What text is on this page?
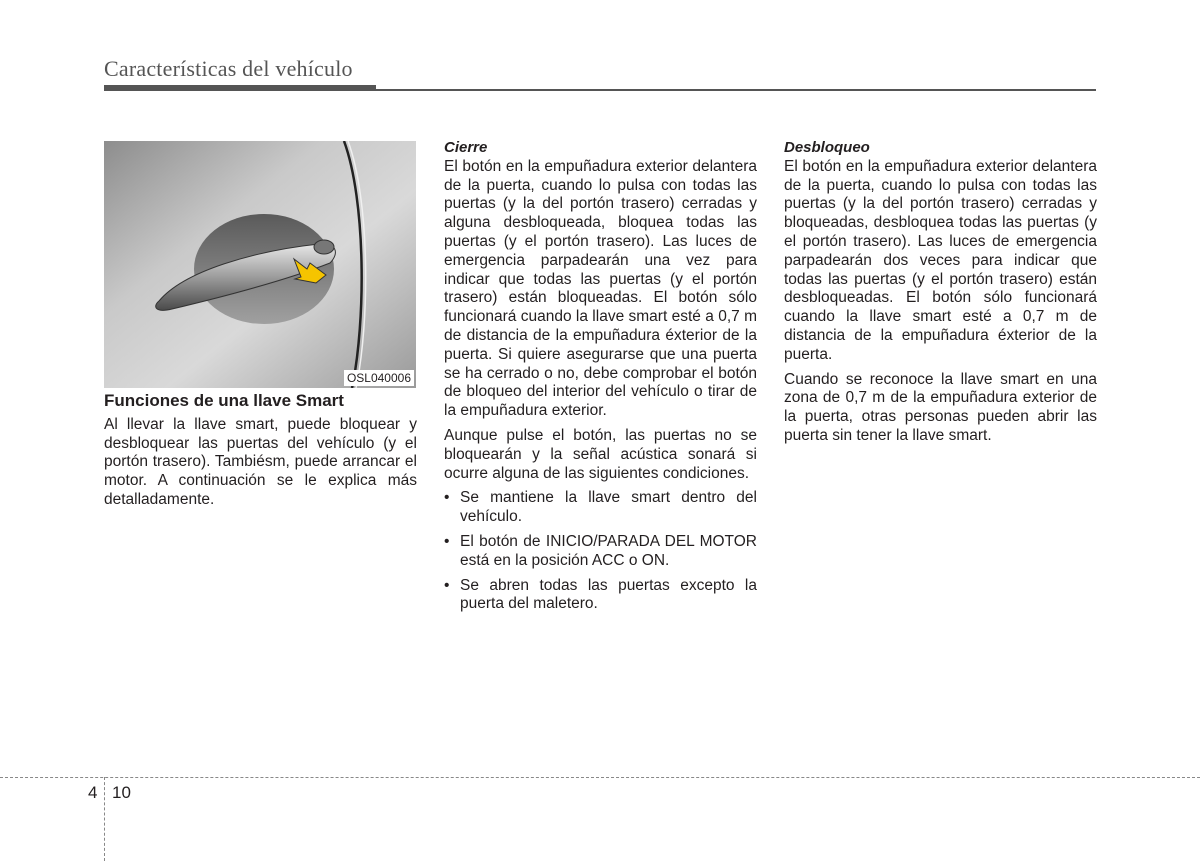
Características del vehículo
OSL040006
Funciones de una llave Smart

Al llevar la llave smart, puede bloquear y desbloquear las puertas del vehículo (y el portón trasero). Tambiésm, puede arrancar el motor. A continuación se le explica más detalladamente.

Cierre

El botón en la empuñadura exterior delantera de la puerta, cuando lo pulsa con todas las puertas (y la del portón trasero) cerradas y alguna desbloqueada, bloquea todas las puertas (y el portón trasero). Las luces de emergencia parpadearán una vez para indicar que todas las puertas (y el portón trasero) están bloqueadas. El botón sólo funcionará cuando la llave smart esté a 0,7 m de distancia de la empuñadura éxterior de la puerta. Si quiere asegurarse que una puerta se ha cerrado o no, debe comprobar el botón de bloqueo del interior del vehículo o tirar de la empuñadura exterior.

Aunque pulse el botón, las puertas no se bloquearán y la señal acústica sonará si ocurre alguna de las siguientes condiciones.

• Se mantiene la llave smart dentro del vehículo.
• El botón de INICIO/PARADA DEL MOTOR está en la posición ACC o ON.
• Se abren todas las puertas excepto la puerta del maletero.
Desbloqueo

El botón en la empuñadura exterior delantera de la puerta, cuando lo pulsa con todas las puertas (y la del portón trasero) cerradas y bloqueadas, desbloquea todas las puertas (y el portón trasero). Las luces de emergencia parpadearán dos veces para indicar que todas las puertas (y el portón trasero) están desbloqueadas. El botón sólo funcionará cuando la llave smart esté a 0,7 m de distancia de la empuñadura éxterior de la puerta.

Cuando se reconoce la llave smart en una zona de 0,7 m de la empuñadura exterior de la puerta, otras personas pueden abrir las puerta sin tener la llave smart.

4 10
